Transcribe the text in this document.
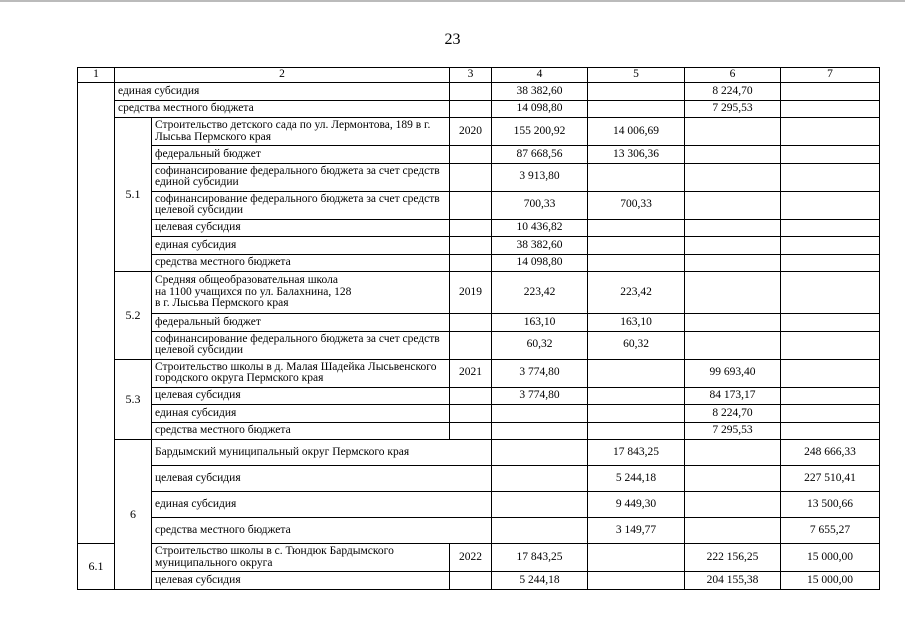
23
1	2		3	4	5	6	7	
	единая субсидия			38 382,60		8 224,70		
	средства местного бюджета			14 098,80		7 295,53		
	5.1	Строительство детского сада по ул. Лермонтова, 189 в г. Лысьва Пермского края	2020	155 200,92	14 006,69			
		федеральный бюджет		87 668,56	13 306,36			
		софинансирование федерального бюджета за счет средств единой субсидии		3 913,80				
		софинансирование федерального бюджета за счет средств целевой субсидии		700,33	700,33			
		целевая субсидия		10 436,82				
		единая субсидия		38 382,60				
		средства местного бюджета		14 098,80				
	5.2	Средняя общеобразовательная школа
на 1100 учащихся по ул. Балахнина, 128
в г. Лысьва Пермского края	2019	223,42	223,42			
		федеральный бюджет		163,10	163,10			
		софинансирование федерального бюджета за счет средств целевой субсидии		60,32	60,32			
	5.3	Строительство школы в д. Малая Шадейка Лысьвенского городского округа Пермского края	2021	3 774,80		99 693,40		
		целевая субсидия		3 774,80		84 173,17		
		единая субсидия				8 224,70		
		средства местного бюджета				7 295,53		
	6	Бардымский муниципальный округ Пермского края			17 843,25		248 666,33	
		целевая субсидия			5 244,18		227 510,41	
		единая субсидия			9 449,30		13 500,66	
		средства местного бюджета			3 149,77		7 655,27	
6.1		Строительство школы в с. Тюндюк Бардымского муниципального округа	2022	17 843,25		222 156,25	15 000,00	
		целевая субсидия		5 244,18		204 155,38	15 000,00	
